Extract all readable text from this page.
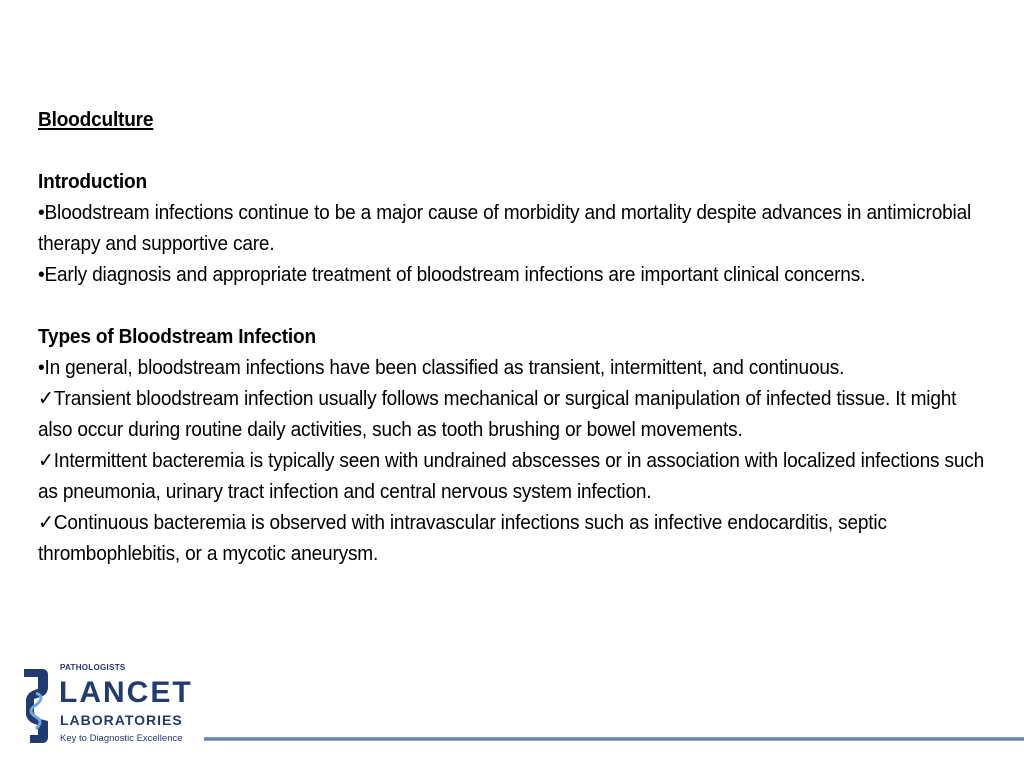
Bloodculture

Introduction

•Bloodstream infections continue to be a major cause of morbidity and mortality despite advances in antimicrobial therapy and supportive care.

•Early diagnosis and appropriate treatment of bloodstream infections are important clinical concerns.

Types of Bloodstream Infection

•In general, bloodstream infections have been classified as transient, intermittent, and continuous.

✓Transient bloodstream infection usually follows mechanical or surgical manipulation of infected tissue. It might also occur during routine daily activities, such as tooth brushing or bowel movements.

✓Intermittent bacteremia is typically seen with undrained abscesses or in association with localized infections such as pneumonia, urinary tract infection and central nervous system infection.

✓Continuous bacteremia is observed with intravascular infections such as infective endocarditis, septic thrombophlebitis, or a mycotic aneurysm.

PATHOLOGISTS
LANCET
LABORATORIES
Key to Diagnostic Excellence
